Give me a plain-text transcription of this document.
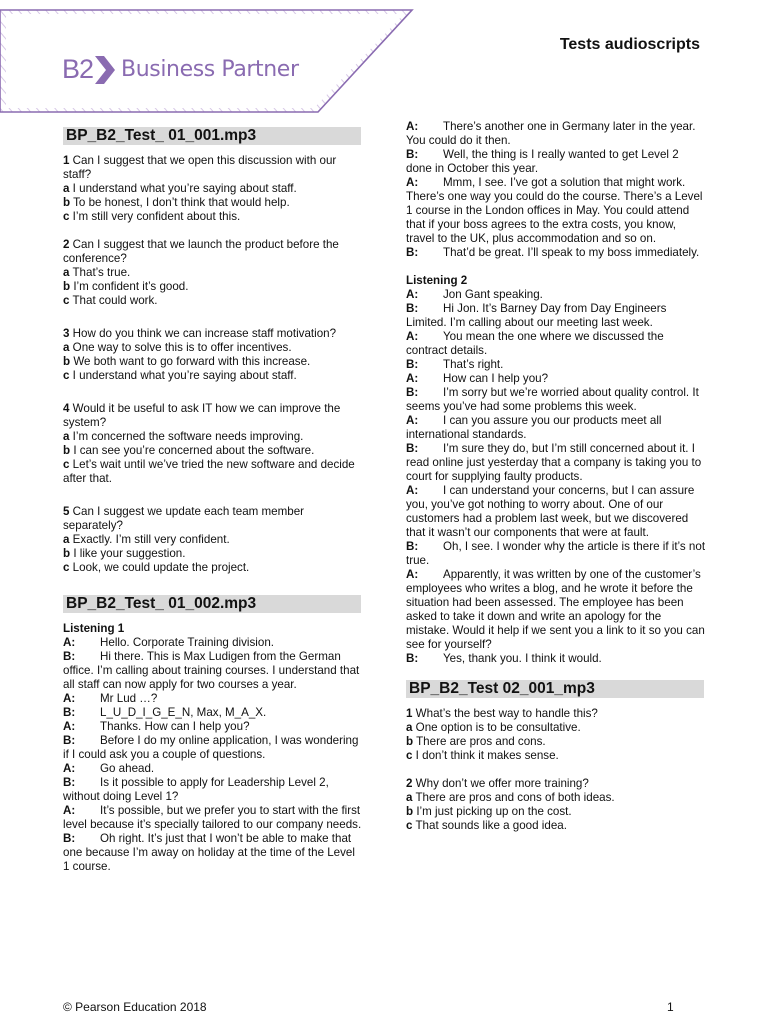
B2 Business Partner
Tests audioscripts
BP_B2_Test_ 01_001.mp3

1 Can I suggest that we open this discussion with our staff?

a I understand what you’re saying about staff.

b To be honest, I don’t think that would help.

c I’m still very confident about this.

2 Can I suggest that we launch the product before the conference?

a That’s true.

b I’m confident it’s good.

c That could work.

3 How do you think we can increase staff motivation?

a One way to solve this is to offer incentives.

b We both want to go forward with this increase.

c I understand what you’re saying about staff.

4 Would it be useful to ask IT how we can improve the system?

a I’m concerned the software needs improving.

b I can see you’re concerned about the software.

c Let’s wait until we’ve tried the new software and decide after that.

5 Can I suggest we update each team member separately?

a Exactly. I’m still very confident.

b I like your suggestion.

c Look, we could update the project.

BP_B2_Test_ 01_002.mp3

Listening 1

A: Hello. Corporate Training division.

B: Hi there. This is Max Ludigen from the German office. I’m calling about training courses. I understand that all staff can now apply for two courses a year.

A: Mr Lud …?

B: L_U_D_I_G_E_N, Max, M_A_X.

A: Thanks. How can I help you?

B: Before I do my online application, I was wondering if I could ask you a couple of questions.

A: Go ahead.

B: Is it possible to apply for Leadership Level 2, without doing Level 1?

A: It’s possible, but we prefer you to start with the first level because it’s specially tailored to our company needs.

B: Oh right. It’s just that I won’t be able to make that one because I’m away on holiday at the time of the Level 1 course.

A: There’s another one in Germany later in the year. You could do it then.

B: Well, the thing is I really wanted to get Level 2 done in October this year.

A: Mmm, I see. I’ve got a solution that might work. There’s one way you could do the course. There’s a Level 1 course in the London offices in May. You could attend that if your boss agrees to the extra costs, you know, travel to the UK, plus accommodation and so on.

B: That’d be great. I’ll speak to my boss immediately.

Listening 2

A: Jon Gant speaking.

B: Hi Jon. It’s Barney Day from Day Engineers Limited. I’m calling about our meeting last week.

A: You mean the one where we discussed the contract details.

B: That’s right.

A: How can I help you?

B: I’m sorry but we’re worried about quality control. It seems you’ve had some problems this week.

A: I can you assure you our products meet all international standards.

B: I’m sure they do, but I’m still concerned about it. I read online just yesterday that a company is taking you to court for supplying faulty products.

A: I can understand your concerns, but I can assure you, you’ve got nothing to worry about. One of our customers had a problem last week, but we discovered that it wasn’t our components that were at fault.

B: Oh, I see. I wonder why the article is there if it’s not true.

A: Apparently, it was written by one of the customer’s employees who writes a blog, and he wrote it before the situation had been assessed. The employee has been asked to take it down and write an apology for the mistake. Would it help if we sent you a link to it so you can see for yourself?

B: Yes, thank you. I think it would.

BP_B2_Test 02_001_mp3

1 What’s the best way to handle this?

a One option is to be consultative.

b There are pros and cons.

c I don’t think it makes sense.

2 Why don’t we offer more training?

a There are pros and cons of both ideas.

b I’m just picking up on the cost.

c That sounds like a good idea.

© Pearson Education 2018	1
